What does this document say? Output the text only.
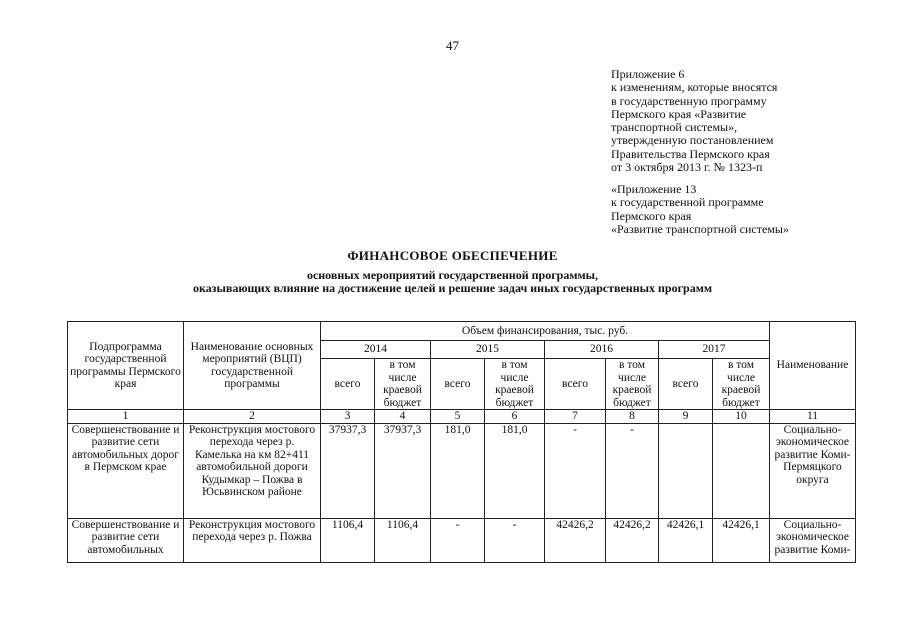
47
Приложение 6
к изменениям, которые вносятся
в государственную программу
Пермского края «Развитие
транспортной системы»,
утвержденную постановлением
Правительства Пермского края
от 3 октября 2013 г. № 1323-п
«Приложение 13
к государственной программе
Пермского края
«Развитие транспортной системы»
ФИНАНСОВОЕ ОБЕСПЕЧЕНИЕ
основных мероприятий государственной программы,
оказывающих влияние на достижение целей и решение задач иных государственных программ
Подпрограмма государственной программы Пермского края	Наименование основных мероприятий (ВЦП) государственной программы	Объем финансирования, тыс. руб.								Наименование
		2014		2015		2016		2017		
		всего	в том числе краевой бюджет	всего	в том числе краевой бюджет	всего	в том числе краевой бюджет	всего	в том числе краевой бюджет	
1	2	3	4	5	6	7	8	9	10	11
Совершенствование и развитие сети автомобильных дорог в Пермском крае	Реконструкция мостового перехода через р. Камелька на км 82+411 автомобильной дороги Кудымкар – Пожва в Юсьвинском районе	37937,3	37937,3	181,0	181,0	-	-			Социально-экономическое развитие Коми-Пермяцкого округа
Совершенствование и развитие сети автомобильных	Реконструкция мостового перехода через р. Пожва	1106,4	1106,4	-	-	42426,2	42426,2	42426,1	42426,1	Социально-экономическое развитие Коми-
